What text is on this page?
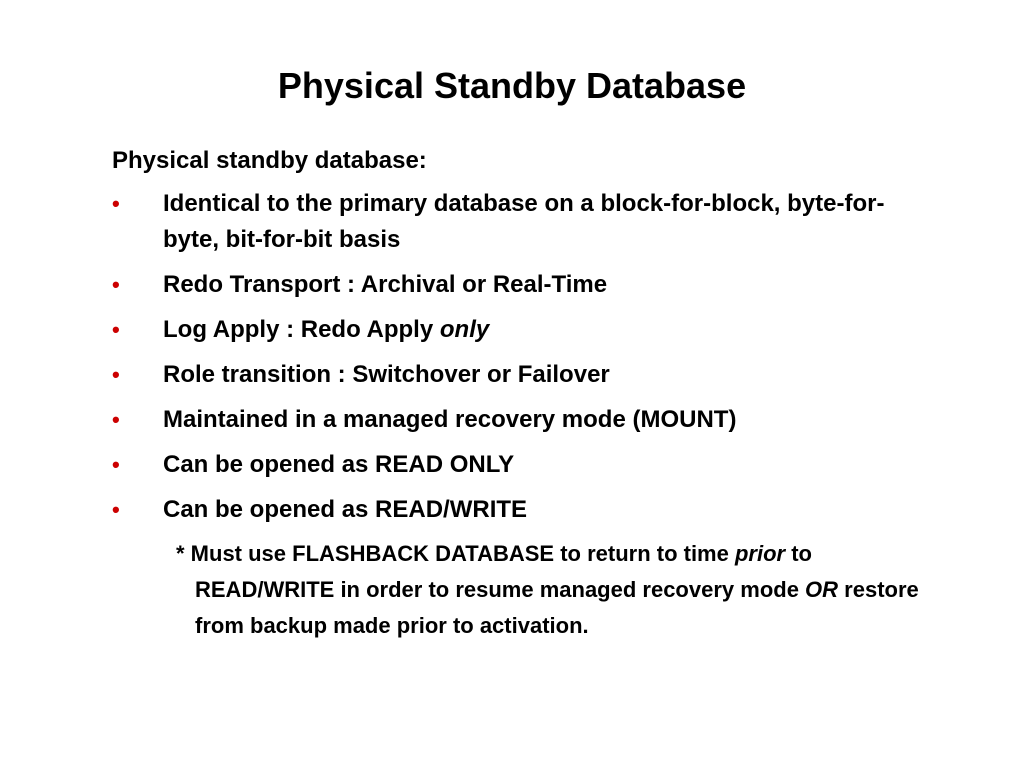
Physical Standby Database

Physical standby database:

• Identical to the primary database on a block-for-block, byte-for-byte, bit-for-bit basis
• Redo Transport : Archival or Real-Time
• Log Apply : Redo Apply only
• Role transition : Switchover or Failover
• Maintained in a managed recovery mode (MOUNT)
• Can be opened as READ ONLY
• Can be opened as READ/WRITE

* Must use FLASHBACK DATABASE to return to time prior to READ/WRITE in order to resume managed recovery mode OR restore from backup made prior to activation.
